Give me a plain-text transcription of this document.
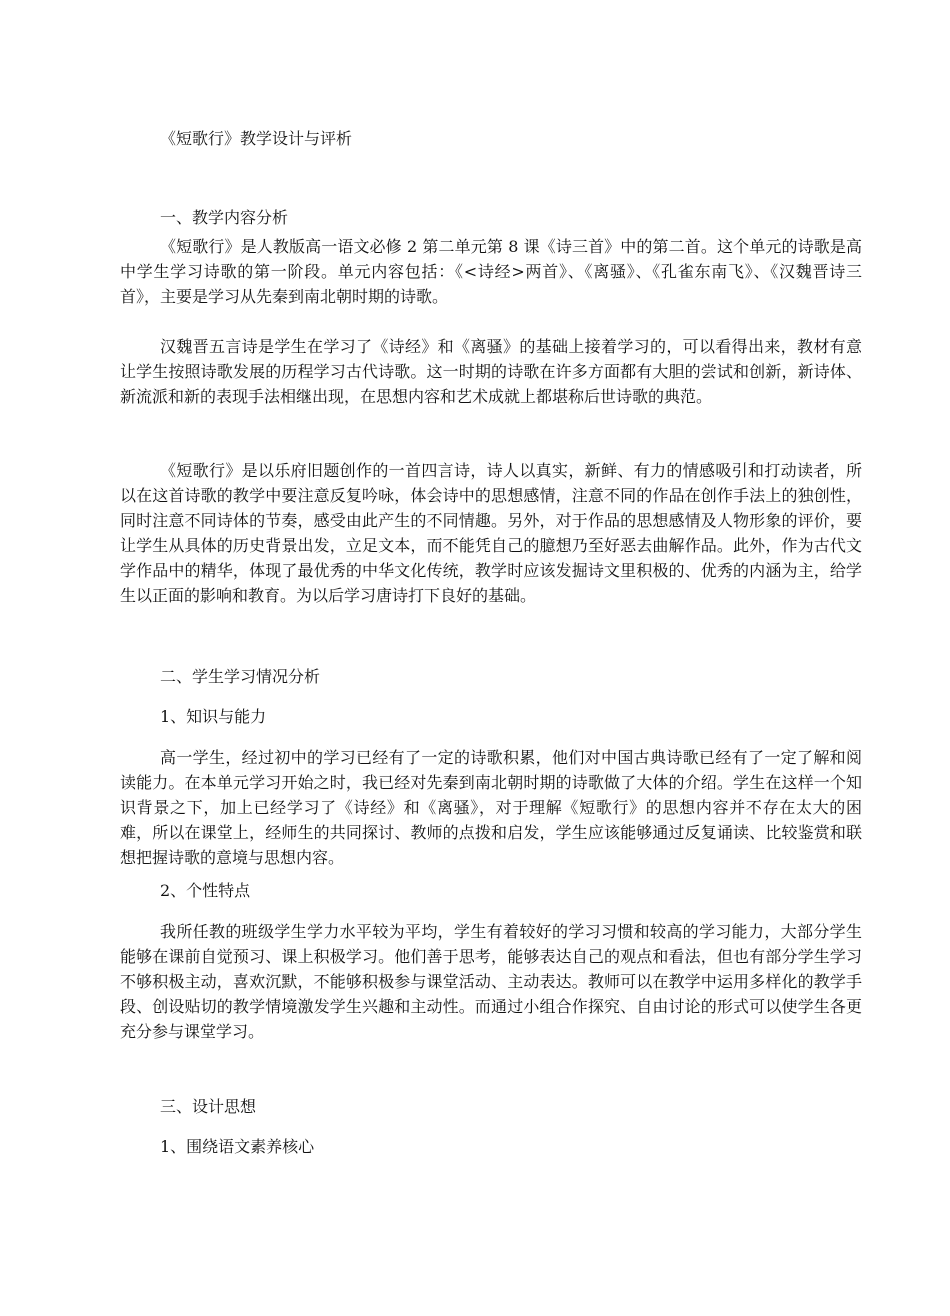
《短歌行》教学设计与评析
一、教学内容分析

《短歌行》是人教版高一语文必修 2 第二单元第 8 课《诗三首》中的第二首。这个单元的诗歌是高中学生学习诗歌的第一阶段。单元内容包括：《<诗经>两首》、《离骚》、《孔雀东南飞》、《汉魏晋诗三首》，主要是学习从先秦到南北朝时期的诗歌。

汉魏晋五言诗是学生在学习了《诗经》和《离骚》的基础上接着学习的，可以看得出来，教材有意让学生按照诗歌发展的历程学习古代诗歌。这一时期的诗歌在许多方面都有大胆的尝试和创新，新诗体、新流派和新的表现手法相继出现，在思想内容和艺术成就上都堪称后世诗歌的典范。

《短歌行》是以乐府旧题创作的一首四言诗，诗人以真实，新鲜、有力的情感吸引和打动读者，所以在这首诗歌的教学中要注意反复吟咏，体会诗中的思想感情，注意不同的作品在创作手法上的独创性，同时注意不同诗体的节奏，感受由此产生的不同情趣。另外，对于作品的思想感情及人物形象的评价，要让学生从具体的历史背景出发，立足文本，而不能凭自己的臆想乃至好恶去曲解作品。此外，作为古代文学作品中的精华，体现了最优秀的中华文化传统，教学时应该发掘诗文里积极的、优秀的内涵为主，给学生以正面的影响和教育。为以后学习唐诗打下良好的基础。

二、学生学习情况分析
1、知识与能力

高一学生，经过初中的学习已经有了一定的诗歌积累，他们对中国古典诗歌已经有了一定了解和阅读能力。在本单元学习开始之时，我已经对先秦到南北朝时期的诗歌做了大体的介绍。学生在这样一个知识背景之下，加上已经学习了《诗经》和《离骚》，对于理解《短歌行》的思想内容并不存在太大的困难，所以在课堂上，经师生的共同探讨、教师的点拨和启发，学生应该能够通过反复诵读、比较鉴赏和联想把握诗歌的意境与思想内容。

2、个性特点

我所任教的班级学生学力水平较为平均，学生有着较好的学习习惯和较高的学习能力，大部分学生能够在课前自觉预习、课上积极学习。他们善于思考，能够表达自己的观点和看法，但也有部分学生学习不够积极主动，喜欢沉默，不能够积极参与课堂活动、主动表达。教师可以在教学中运用多样化的教学手段、创设贴切的教学情境激发学生兴趣和主动性。而通过小组合作探究、自由讨论的形式可以使学生各更充分参与课堂学习。

三、设计思想
1、围绕语文素养核心
